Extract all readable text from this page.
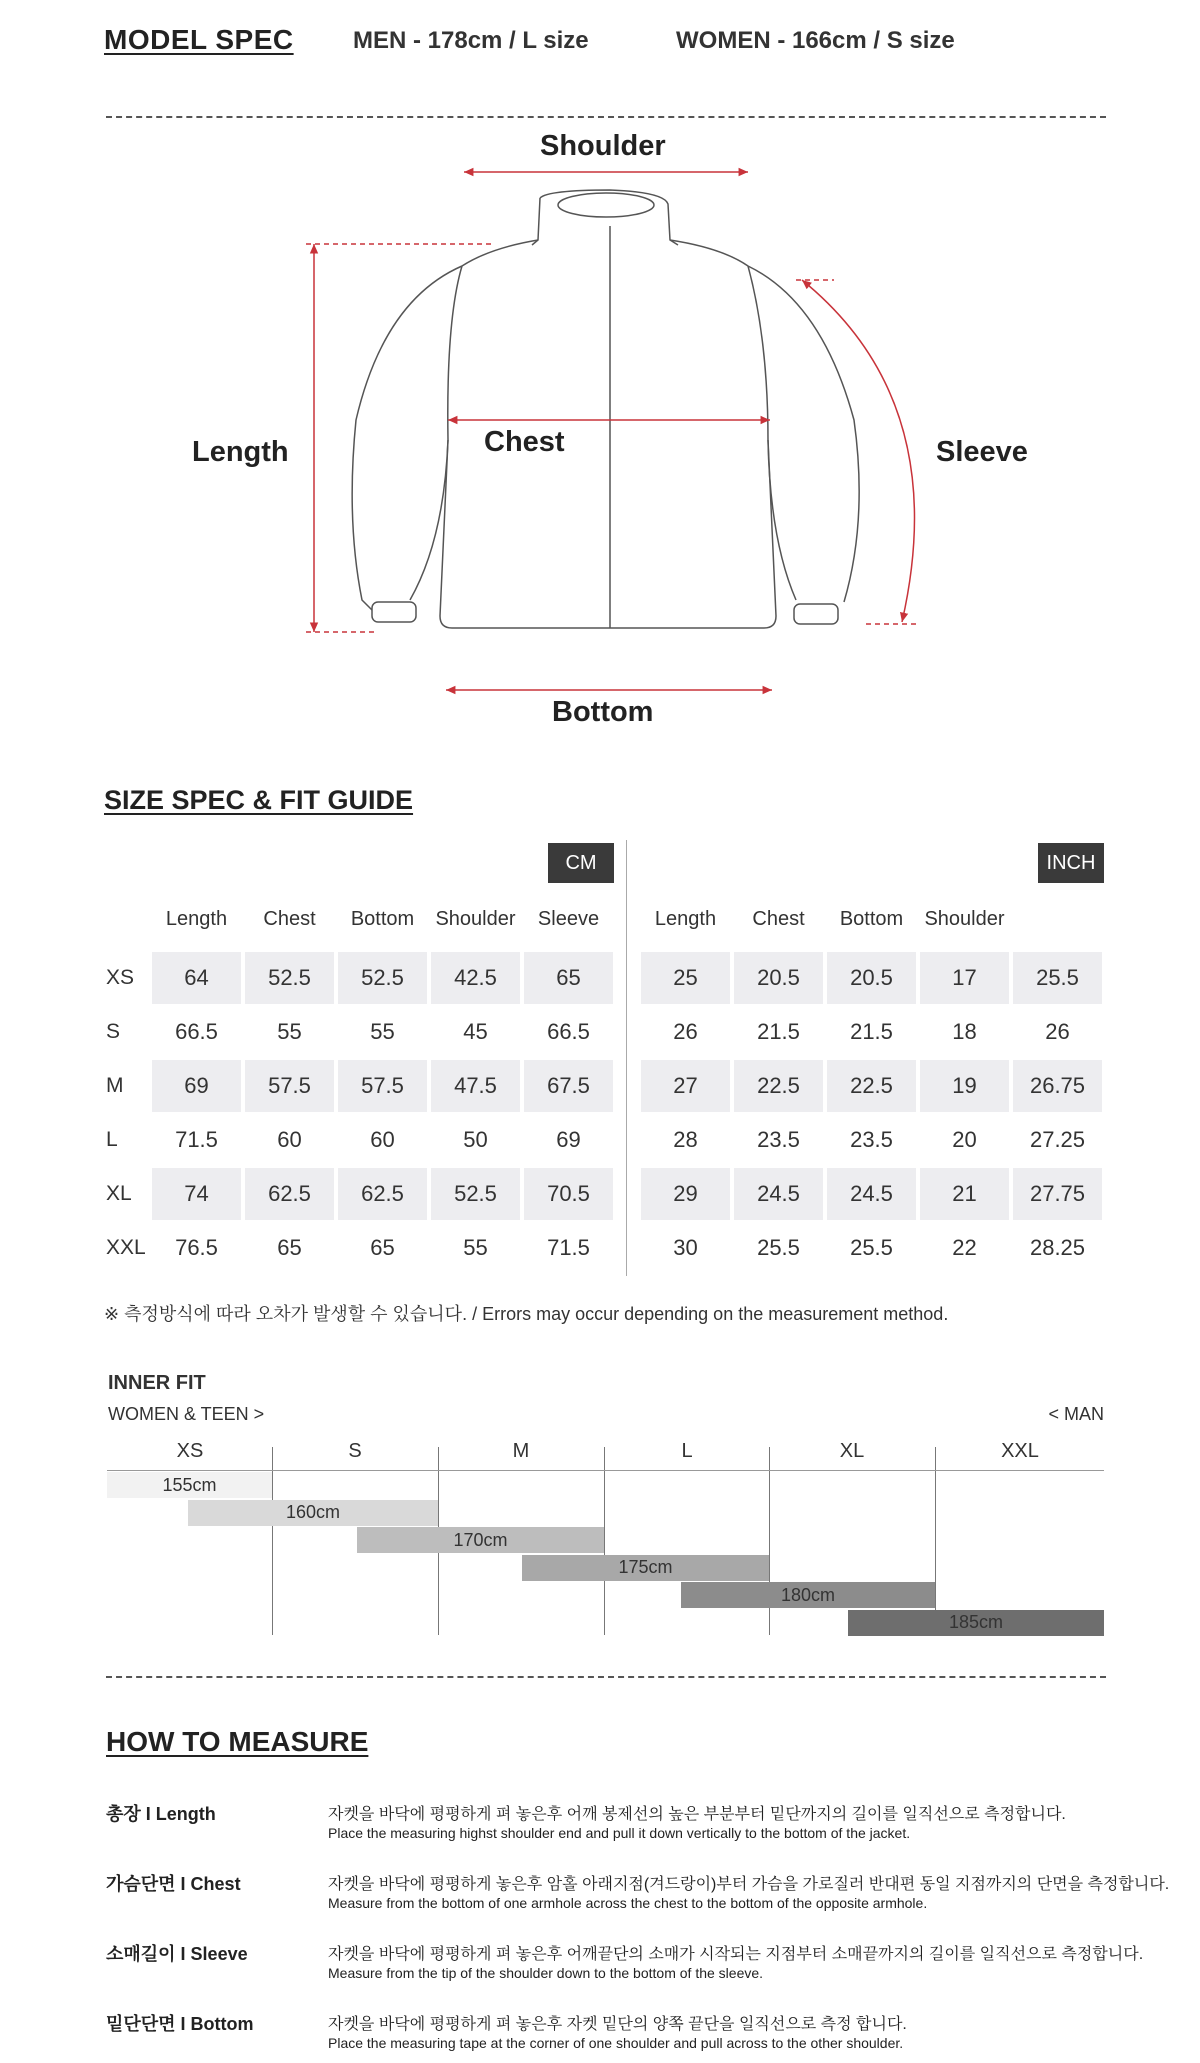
MODEL SPEC MEN - 178cm / L size	WOMEN - 166cm / S size
Shoulder
Length	Chest	Sleeve
Bottom
SIZE SPEC & FIT GUIDE
CM	INCH
Length	Chest	Bottom	Shoulder	Sleeve	Length	Chest	Bottom	Shoulder
XS	64	52.5	52.5	42.5	65	25	20.5	20.5	17	25.5
S	66.5	55	55	45	66.5	26	21.5	21.5	18	26
M	69	57.5	57.5	47.5	67.5	27	22.5	22.5	19	26.75
L	71.5	60	60	50	69	28	23.5	23.5	20	27.25
XL	74	62.5	62.5	52.5	70.5	29	24.5	24.5	21	27.75
XXL	76.5	65	65	55	71.5	30	25.5	25.5	22	28.25
※ 측정방식에 따라 오차가 발생할 수 있습니다. / Errors may occur depending on the measurement method.
INNER FIT
WOMEN & TEEN >	< MAN
XS	S	M	L	XL	XXL
155cm
160cm
170cm
175cm
180cm
185cm
HOW TO MEASURE
총장 I Length	자켓을 바닥에 평평하게 펴 놓은후 어깨 봉제선의 높은 부분부터 밑단까지의 길이를 일직선으로 측정합니다.
Place the measuring highst shoulder end and pull it down vertically to the bottom of the jacket.
가슴단면 I Chest	자켓을 바닥에 평평하게 놓은후 암홀 아래지점(겨드랑이)부터 가슴을 가로질러 반대편 동일 지점까지의 단면을 측정합니다.
Measure from the bottom of one armhole across the chest to the bottom of the opposite armhole.
소매길이 I Sleeve	자켓을 바닥에 평평하게 펴 놓은후 어깨끝단의 소매가 시작되는 지점부터 소매끝까지의 길이를 일직선으로 측정합니다.
Measure from the tip of the shoulder down to the bottom of the sleeve.
밑단단면 I Bottom	자켓을 바닥에 평평하게 펴 놓은후 자켓 밑단의 양쪽 끝단을 일직선으로 측정 합니다.
Place the measuring tape at the corner of one shoulder and pull across to the other shoulder.
